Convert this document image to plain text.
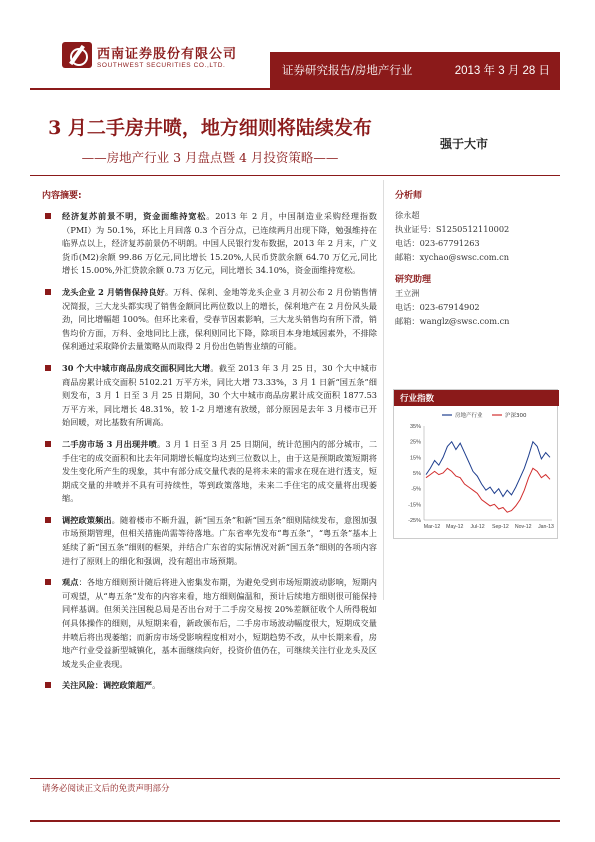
西南证券股份有限公司
SOUTHWEST SECURITIES CO.,LTD.	证券研究报告/房地产行业	2013 年 3 月 28 日
3 月二手房井喷，地方细则将陆续发布
——房地产行业 3 月盘点暨 4 月投资策略——
强于大市
内容摘要:
经济复苏前景不明，资金面维持宽松。2013 年 2 月，中国制造业采购经理指数（PMI）为 50.1%，环比上月回落 0.3 个百分点，已连续两月出现下降，勉强维持在临界点以上，经济复苏前景仍不明朗。中国人民银行发布数据，2013 年 2 月末，广义货币(M2)余额 99.86 万亿元,同比增长 15.20%,人民币贷款余额 64.70 万亿元,同比增长 15.00%,外汇贷款余额 0.73 万亿元，同比增长 34.10%，资金面维持宽松。
龙头企业 2 月销售保持良好。万科、保利、金地等龙头企业 3 月初公布 2 月份销售情况简报，三大龙头都实现了销售金额同比两位数以上的增长，保利地产在 2 月份风头最劲，同比增幅超 100%。但环比来看，受春节因素影响，三大龙头销售均有所下滑，销售均价方面，万科、金地同比上涨，保利则同比下降，除项目本身地域因素外，不排除保利通过采取降价去量策略从而取得 2 月份出色销售业绩的可能。
30 个大中城市商品房成交面积同比大增。截至 2013 年 3 月 25 日，30 个大中城市商品房累计成交面积 5102.21 万平方米，同比大增 73.33%，3 月 1 日新“国五条”细则发布，3 月 1 日至 3 月 25 日期间，30 个大中城市商品房累计成交面积 1877.53 万平方米，同比增长 48.31%，较 1-2 月增速有放缓，部分原因是去年 3 月楼市已开始回暖，对比基数有所调高。
二手房市场 3 月出现井喷。3 月 1 日至 3 月 25 日期间，统计范围内的部分城市，二手住宅的成交面积和比去年同期增长幅度均达到三位数以上，由于这是预期政策短期将发生变化所产生的现象，其中有部分成交量代表的是将未来的需求在现在进行透支，短期成交量的井喷并不具有可持续性，等到政策落地，未来二手住宅的成交量将出现萎缩。
调控政策频出。随着楼市不断升温，新“国五条”和新“国五条”细则陆续发布，意图加强市场预期管理，但相关措施尚需等待落地。广东省率先发布“粤五条”，“粤五条”基本上延续了新“国五条”细则的框架，并结合广东省的实际情况对新“国五条”细则的各项内容进行了原则上的细化和强调，没有超出市场预期。
观点：各地方细则预计随后将进入密集发布期，为避免受到市场短期波动影响，短期内可观望，从“粤五条”发布的内容来看，地方细则偏温和，预计后续地方细则很可能保持同样基调。但须关注国税总局是否出台对于二手房交易按 20%差额征收个人所得税如何具体操作的细则，从短期来看，新政颁布后，二手房市场波动幅度很大，短期成交量井喷后将出现萎缩；而新房市场受影响程度相对小，短期趋势不改，从中长期来看，房地产行业受益新型城镇化，基本面继续向好，投资价值仍在，可继续关注行业龙头及区域龙头企业表现。
关注风险：调控政策超严。
分析师
徐永超
执业证号：S1250512110002
电话：023-67791263
邮箱：xychao@swsc.com.cn
研究助理
王立洲
电话：023-67914902
邮箱：wanglz@swsc.com.cn
行业指数
35%
25%
15%
5%
-5%
-15%
-25%
Mar-12 May-12 Jul-12 Sep-12 Nov-12 Jan-13
房地产行业	沪深300
请务必阅读正文后的免责声明部分
